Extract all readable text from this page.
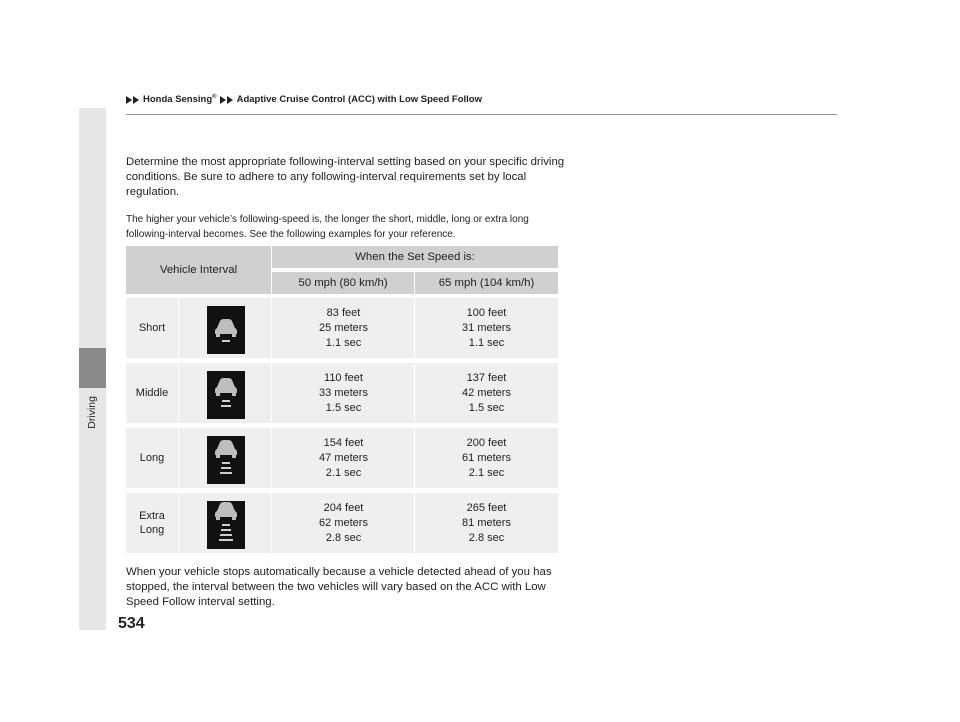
Honda Sensing® Adaptive Cruise Control (ACC) with Low Speed Follow
Driving

Determine the most appropriate following-interval setting based on your specific driving conditions. Be sure to adhere to any following-interval requirements set by local regulation.

The higher your vehicle’s following-speed is, the longer the short, middle, long or extra long following-interval becomes. See the following examples for your reference.

Vehicle Interval
When the Set Speed is:
50 mph (80 km/h)	65 mph (104 km/h)
Short
83 feet
25 meters
1.1 sec
100 feet
31 meters
1.1 sec
Middle
110 feet
33 meters
1.5 sec
137 feet
42 meters
1.5 sec
Long
154 feet
47 meters
2.1 sec
200 feet
61 meters
2.1 sec
Extra
Long
204 feet
62 meters
2.8 sec
265 feet
81 meters
2.8 sec

When your vehicle stops automatically because a vehicle detected ahead of you has stopped, the interval between the two vehicles will vary based on the ACC with Low Speed Follow interval setting.

534
